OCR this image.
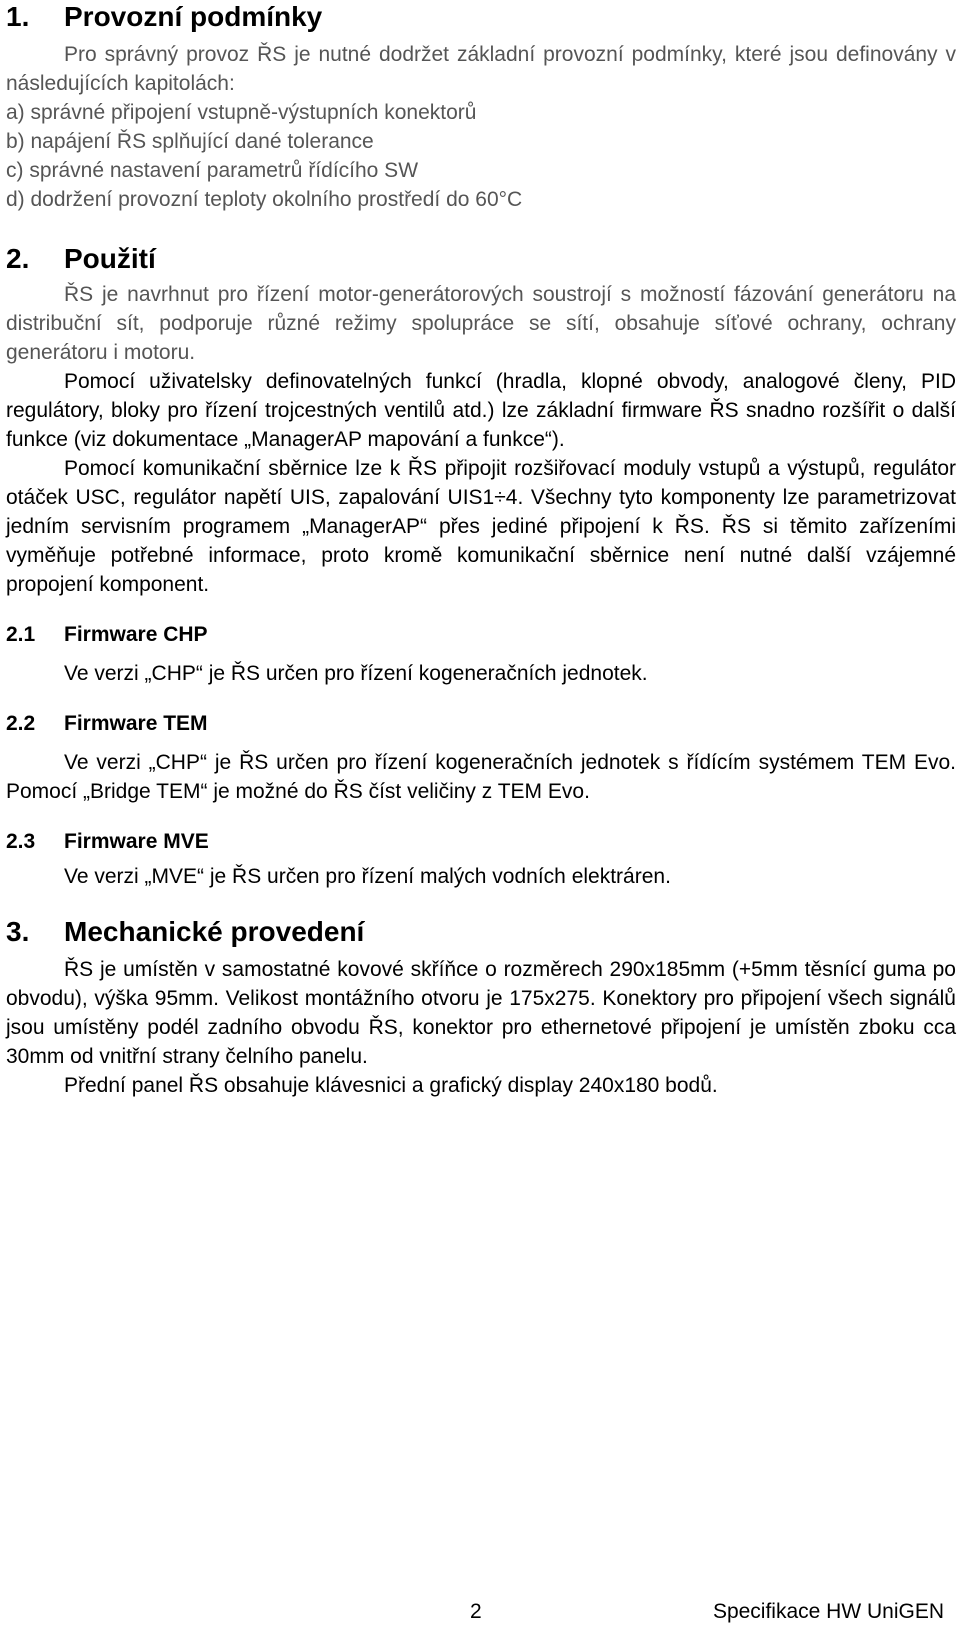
1. Provozní podmínky

Pro správný provoz ŘS je nutné dodržet základní provozní podmínky, které jsou definovány v následujících kapitolách:

a) správné připojení vstupně-výstupních konektorů

b) napájení ŘS splňující dané tolerance

c) správné nastavení parametrů řídícího SW

d) dodržení provozní teploty okolního prostředí do 60°C

2. Použití

ŘS je navrhnut pro řízení motor-generátorových soustrojí s možností fázování generátoru na distribuční sít, podporuje různé režimy spolupráce se sítí, obsahuje síťové ochrany, ochrany generátoru i motoru.

Pomocí uživatelsky definovatelných funkcí (hradla, klopné obvody, analogové členy, PID regulátory, bloky pro řízení trojcestných ventilů atd.) lze základní firmware ŘS snadno rozšířit o další funkce (viz dokumentace „ManagerAP mapování a funkce“).

Pomocí komunikační sběrnice lze k ŘS připojit rozšiřovací moduly vstupů a výstupů, regulátor otáček USC, regulátor napětí UIS, zapalování UIS1÷4. Všechny tyto komponenty lze parametrizovat jedním servisním programem „ManagerAP“ přes jediné připojení k ŘS. ŘS si těmito zařízeními vyměňuje potřebné informace, proto kromě komunikační sběrnice není nutné další vzájemné propojení komponent.

2.1 Firmware CHP

Ve verzi „CHP“ je ŘS určen pro řízení kogeneračních jednotek.

2.2 Firmware TEM

Ve verzi „CHP“ je ŘS určen pro řízení kogeneračních jednotek s řídícím systémem TEM Evo. Pomocí „Bridge TEM“ je možné do ŘS číst veličiny z TEM Evo.

2.3 Firmware MVE

Ve verzi „MVE“ je ŘS určen pro řízení malých vodních elektráren.

3. Mechanické provedení

ŘS je umístěn v samostatné kovové skříňce o rozměrech 290x185mm (+5mm těsnící guma po obvodu), výška 95mm. Velikost montážního otvoru je 175x275. Konektory pro připojení všech signálů jsou umístěny podél zadního obvodu ŘS, konektor pro ethernetové připojení je umístěn zboku cca 30mm od vnitřní strany čelního panelu.

Přední panel ŘS obsahuje klávesnici a grafický display 240x180 bodů.

2	Specifikace HW UniGEN
